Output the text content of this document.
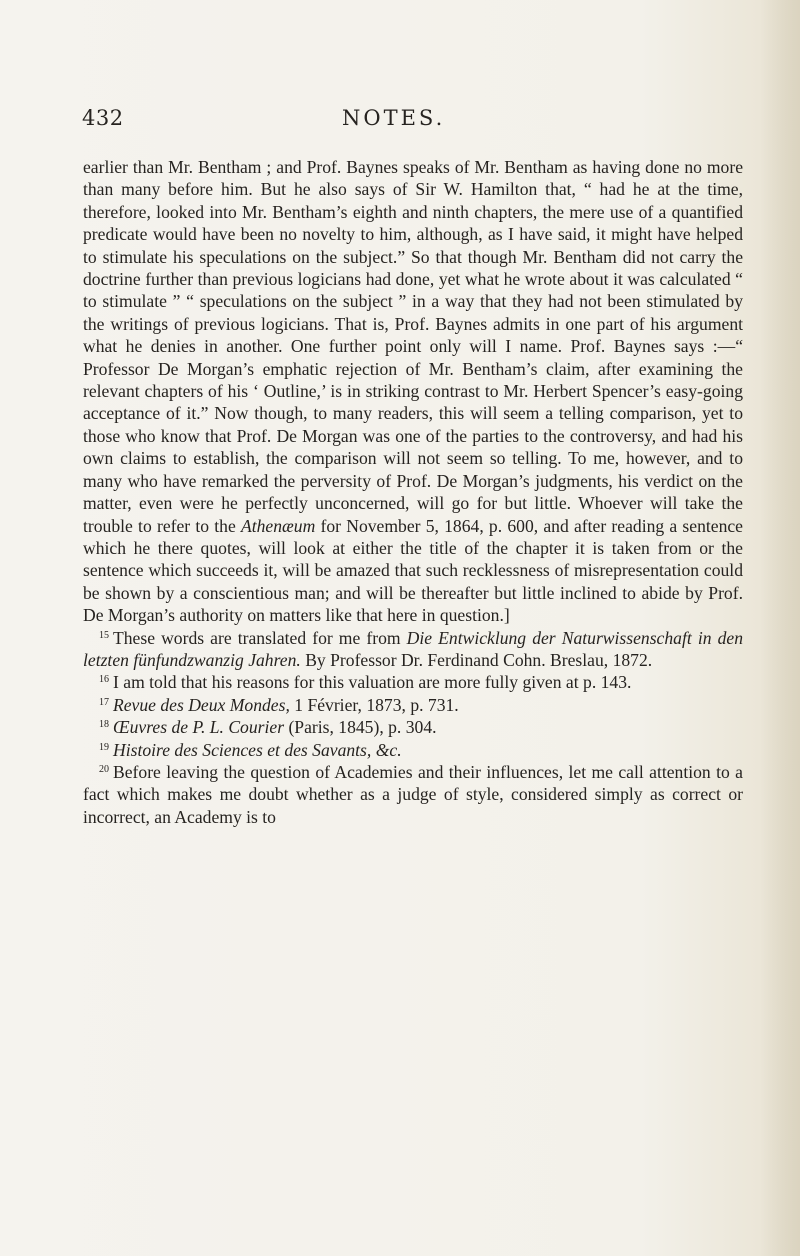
432	NOTES.

earlier than Mr. Bentham ; and Prof. Baynes speaks of Mr. Bentham as having done no more than many before him. But he also says of Sir W. Hamilton that, “ had he at the time, therefore, looked into Mr. Bentham’s eighth and ninth chapters, the mere use of a quantified predicate would have been no novelty to him, although, as I have said, it might have helped to stimulate his speculations on the subject.” So that though Mr. Bentham did not carry the doctrine further than previous logicians had done, yet what he wrote about it was calculated “ to stimulate ” “ speculations on the subject ” in a way that they had not been stimulated by the writings of previous logicians. That is, Prof. Baynes admits in one part of his argument what he denies in another. One further point only will I name. Prof. Baynes says :—“ Professor De Morgan’s emphatic rejection of Mr. Bentham’s claim, after examining the relevant chapters of his ‘ Outline,’ is in striking contrast to Mr. Herbert Spencer’s easy-going acceptance of it.” Now though, to many readers, this will seem a telling comparison, yet to those who know that Prof. De Morgan was one of the parties to the controversy, and had his own claims to establish, the comparison will not seem so telling. To me, however, and to many who have remarked the perversity of Prof. De Morgan’s judgments, his verdict on the matter, even were he perfectly unconcerned, will go for but little. Whoever will take the trouble to refer to the Athenæum for November 5, 1864, p. 600, and after reading a sentence which he there quotes, will look at either the title of the chapter it is taken from or the sentence which succeeds it, will be amazed that such recklessness of misrepresentation could be shown by a conscientious man; and will be thereafter but little inclined to abide by Prof. De Morgan’s authority on matters like that here in question.]

$^{15}$ These words are translated for me from Die Entwicklung der Naturwissenschaft in den letzten fünfundzwanzig Jahren. By Professor Dr. Ferdinand Cohn. Breslau, 1872.

$^{16}$ I am told that his reasons for this valuation are more fully given at p. 143.

$^{17}$ Revue des Deux Mondes, 1 Février, 1873, p. 731.

$^{18}$ Œuvres de P. L. Courier (Paris, 1845), p. 304.

$^{19}$ Histoire des Sciences et des Savants, &c.

$^{20}$ Before leaving the question of Academies and their influences, let me call attention to a fact which makes me doubt whether as a judge of style, considered simply as correct or incorrect, an Academy is to
